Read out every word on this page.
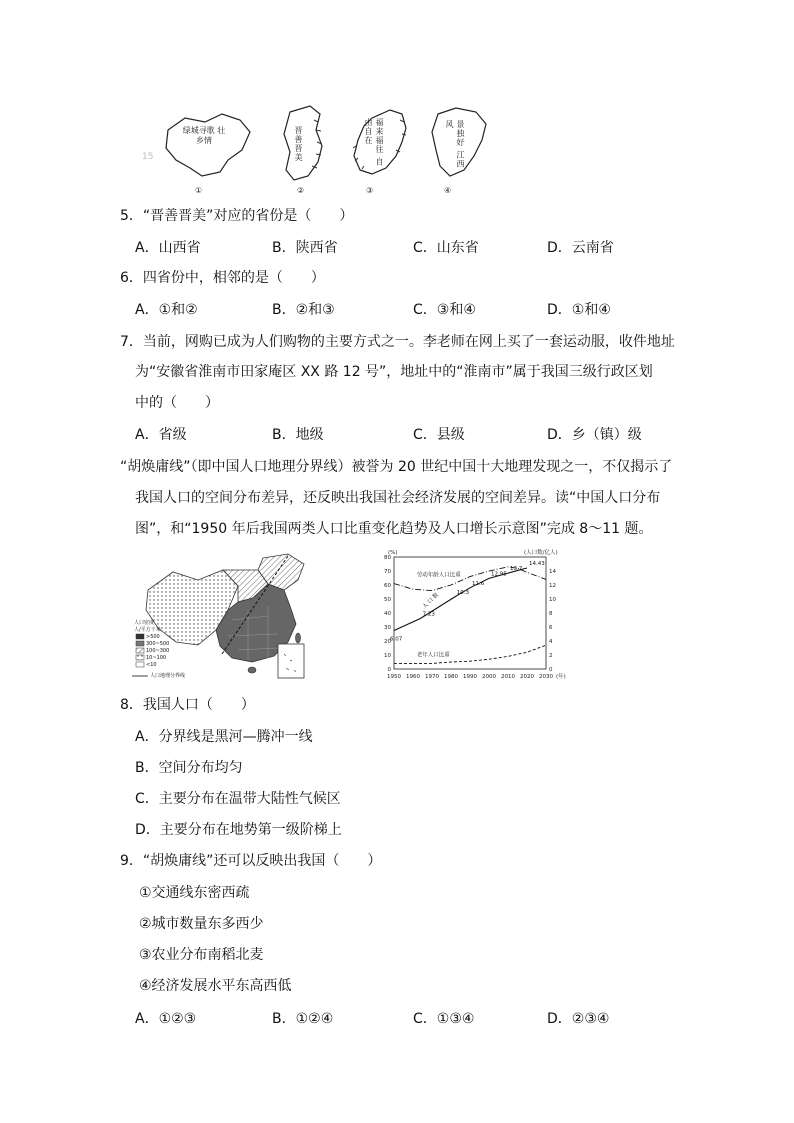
绿城寻歌 壮乡情	晋善晋美	福来福往 自由自在	景独好 江西风
①	②	③	④
15
5．“晋善晋美”对应的省份是（　　）
A．山西省	B．陕西省	C．山东省	D．云南省
6．四省份中，相邻的是（　　）
A．①和②	B．②和③	C．③和④	D．①和④
7．当前，网购已成为人们购物的主要方式之一。李老师在网上买了一套运动服，收件地址
为“安徽省淮南市田家庵区 XX 路 12 号”，地址中的“淮南市”属于我国三级行政区划
中的（　　）
A．省级	B．地级	C．县级	D．乡（镇）级
“胡焕庸线”（即中国人口地理分界线）被誉为 20 世纪中国十大地理发现之一，不仅揭示了
我国人口的空间分布差异，还反映出我国社会经济发展的空间差异。读“中国人口分布
图”，和“1950 年后我国两类人口比重变化趋势及人口增长示意图”完成 8～11 题。
人口密度
人/平方千米
>500
300~500
100~300
10~100
<10
人口地理分界线
0
10
20
30
40
50
60
70
80
0
2
4
6
8
10
12
14
1950 1960 1970 1980 1990 2000 2010 2020 2030
(%)	(人口数/亿人)
(年)
6.07
7.23
10.3
11.6
12.95
13.7
14.43
劳动年龄人口比重
老年人口比重
人
口
数
8．我国人口（　　）
A．分界线是黑河—腾冲一线
B．空间分布均匀
C．主要分布在温带大陆性气候区
D．主要分布在地势第一级阶梯上
9．“胡焕庸线”还可以反映出我国（　　）
①交通线东密西疏
②城市数量东多西少
③农业分布南稻北麦
④经济发展水平东高西低
A．①②③	B．①②④	C．①③④	D．②③④
